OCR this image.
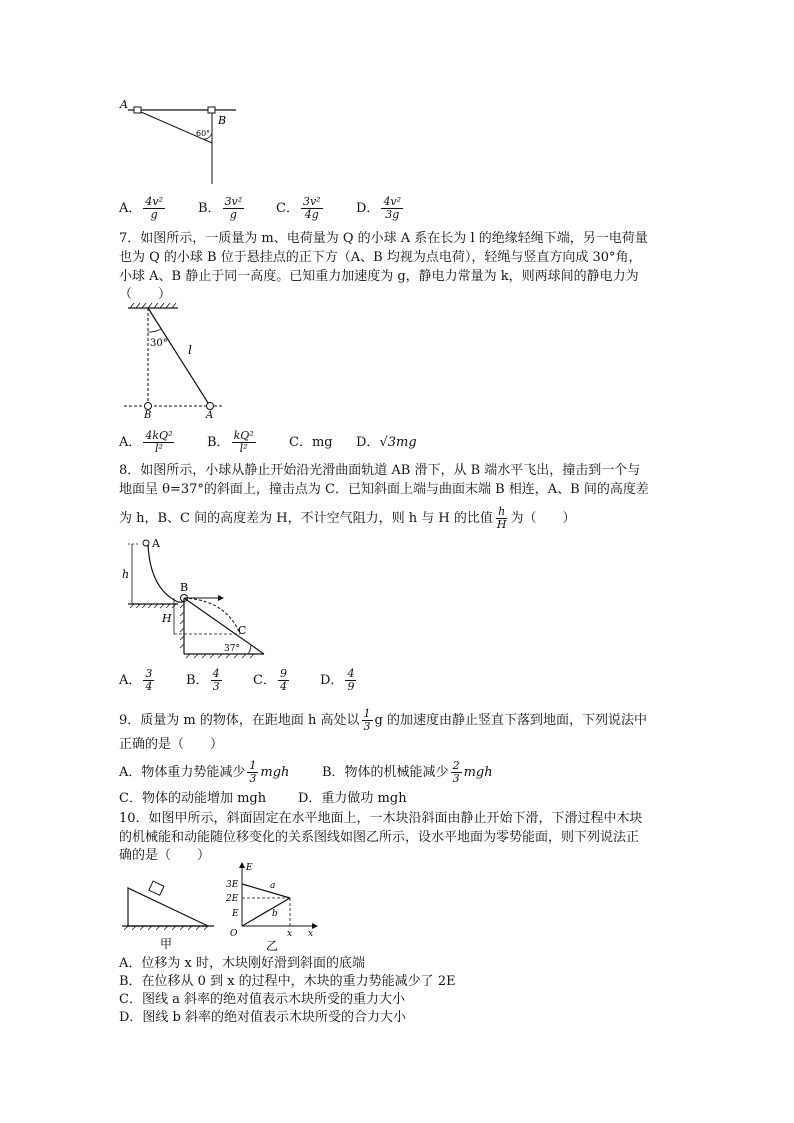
A
B
60°
A． $\frac{\text{4v²}}{g}$	B． $\frac{\text{3v²}}{g}$ C． $\frac{\text{3v²}}{4g}$	D． $\frac{\text{4v²}}{3g}$
7．如图所示，一质量为 m、电荷量为 Q 的小球 A 系在长为 l 的绝缘轻绳下端，另一电荷量
也为 Q 的小球 B 位于悬挂点的正下方（A、B 均视为点电荷），轻绳与竖直方向成 30°角，
小球 A、B 静止于同一高度。已知重力加速度为 g，静电力常量为 k，则两球间的静电力为
（　　）
30° l
B	A
A． $\frac{\text{4kQ²}}{\text{l²}}$	B． $\frac{\text{kQ²}}{\text{l²}}$	C．mg D．√3mg
8．如图所示，小球从静止开始沿光滑曲面轨道 AB 滑下，从 B 端水平飞出，撞击到一个与
地面呈 θ=37°的斜面上，撞击点为 C．已知斜面上端与曲面末端 B 相连，A、B 间的高度差
为 h，B、C 间的高度差为 H，不计空气阻力，则 h 与 H 的比值 $\frac{h}{H}$ 为（　　）
A
B
C
h
H
37°
A． $\frac{3}{4}$ B． $\frac{4}{3}$ C． $\frac{9}{4}$ D． $\frac{4}{9}$
9．质量为 m 的物体，在距地面 h 高处以 $\frac{1}{3}$ g 的加速度由静止竖直下落到地面，下列说法中
正确的是（　　）
A．物体重力势能减少 $\frac{1}{3}$ mgh	B．物体的机械能减少 $\frac{2}{3}$ mgh
C．物体的动能增加 mgh D．重力做功 mgh
10．如图甲所示，斜面固定在水平地面上，一木块沿斜面由静止开始下滑，下滑过程中木块
的机械能和动能随位移变化的关系图线如图乙所示，设水平地面为零势能面，则下列说法正
确的是（　　）
甲
E
3E
2E
E
O	x x
a
b
乙
A．位移为 x 时，木块刚好滑到斜面的底端
B．在位移从 0 到 x 的过程中，木块的重力势能减少了 2E
C．图线 a 斜率的绝对值表示木块所受的重力大小
D．图线 b 斜率的绝对值表示木块所受的合力大小
